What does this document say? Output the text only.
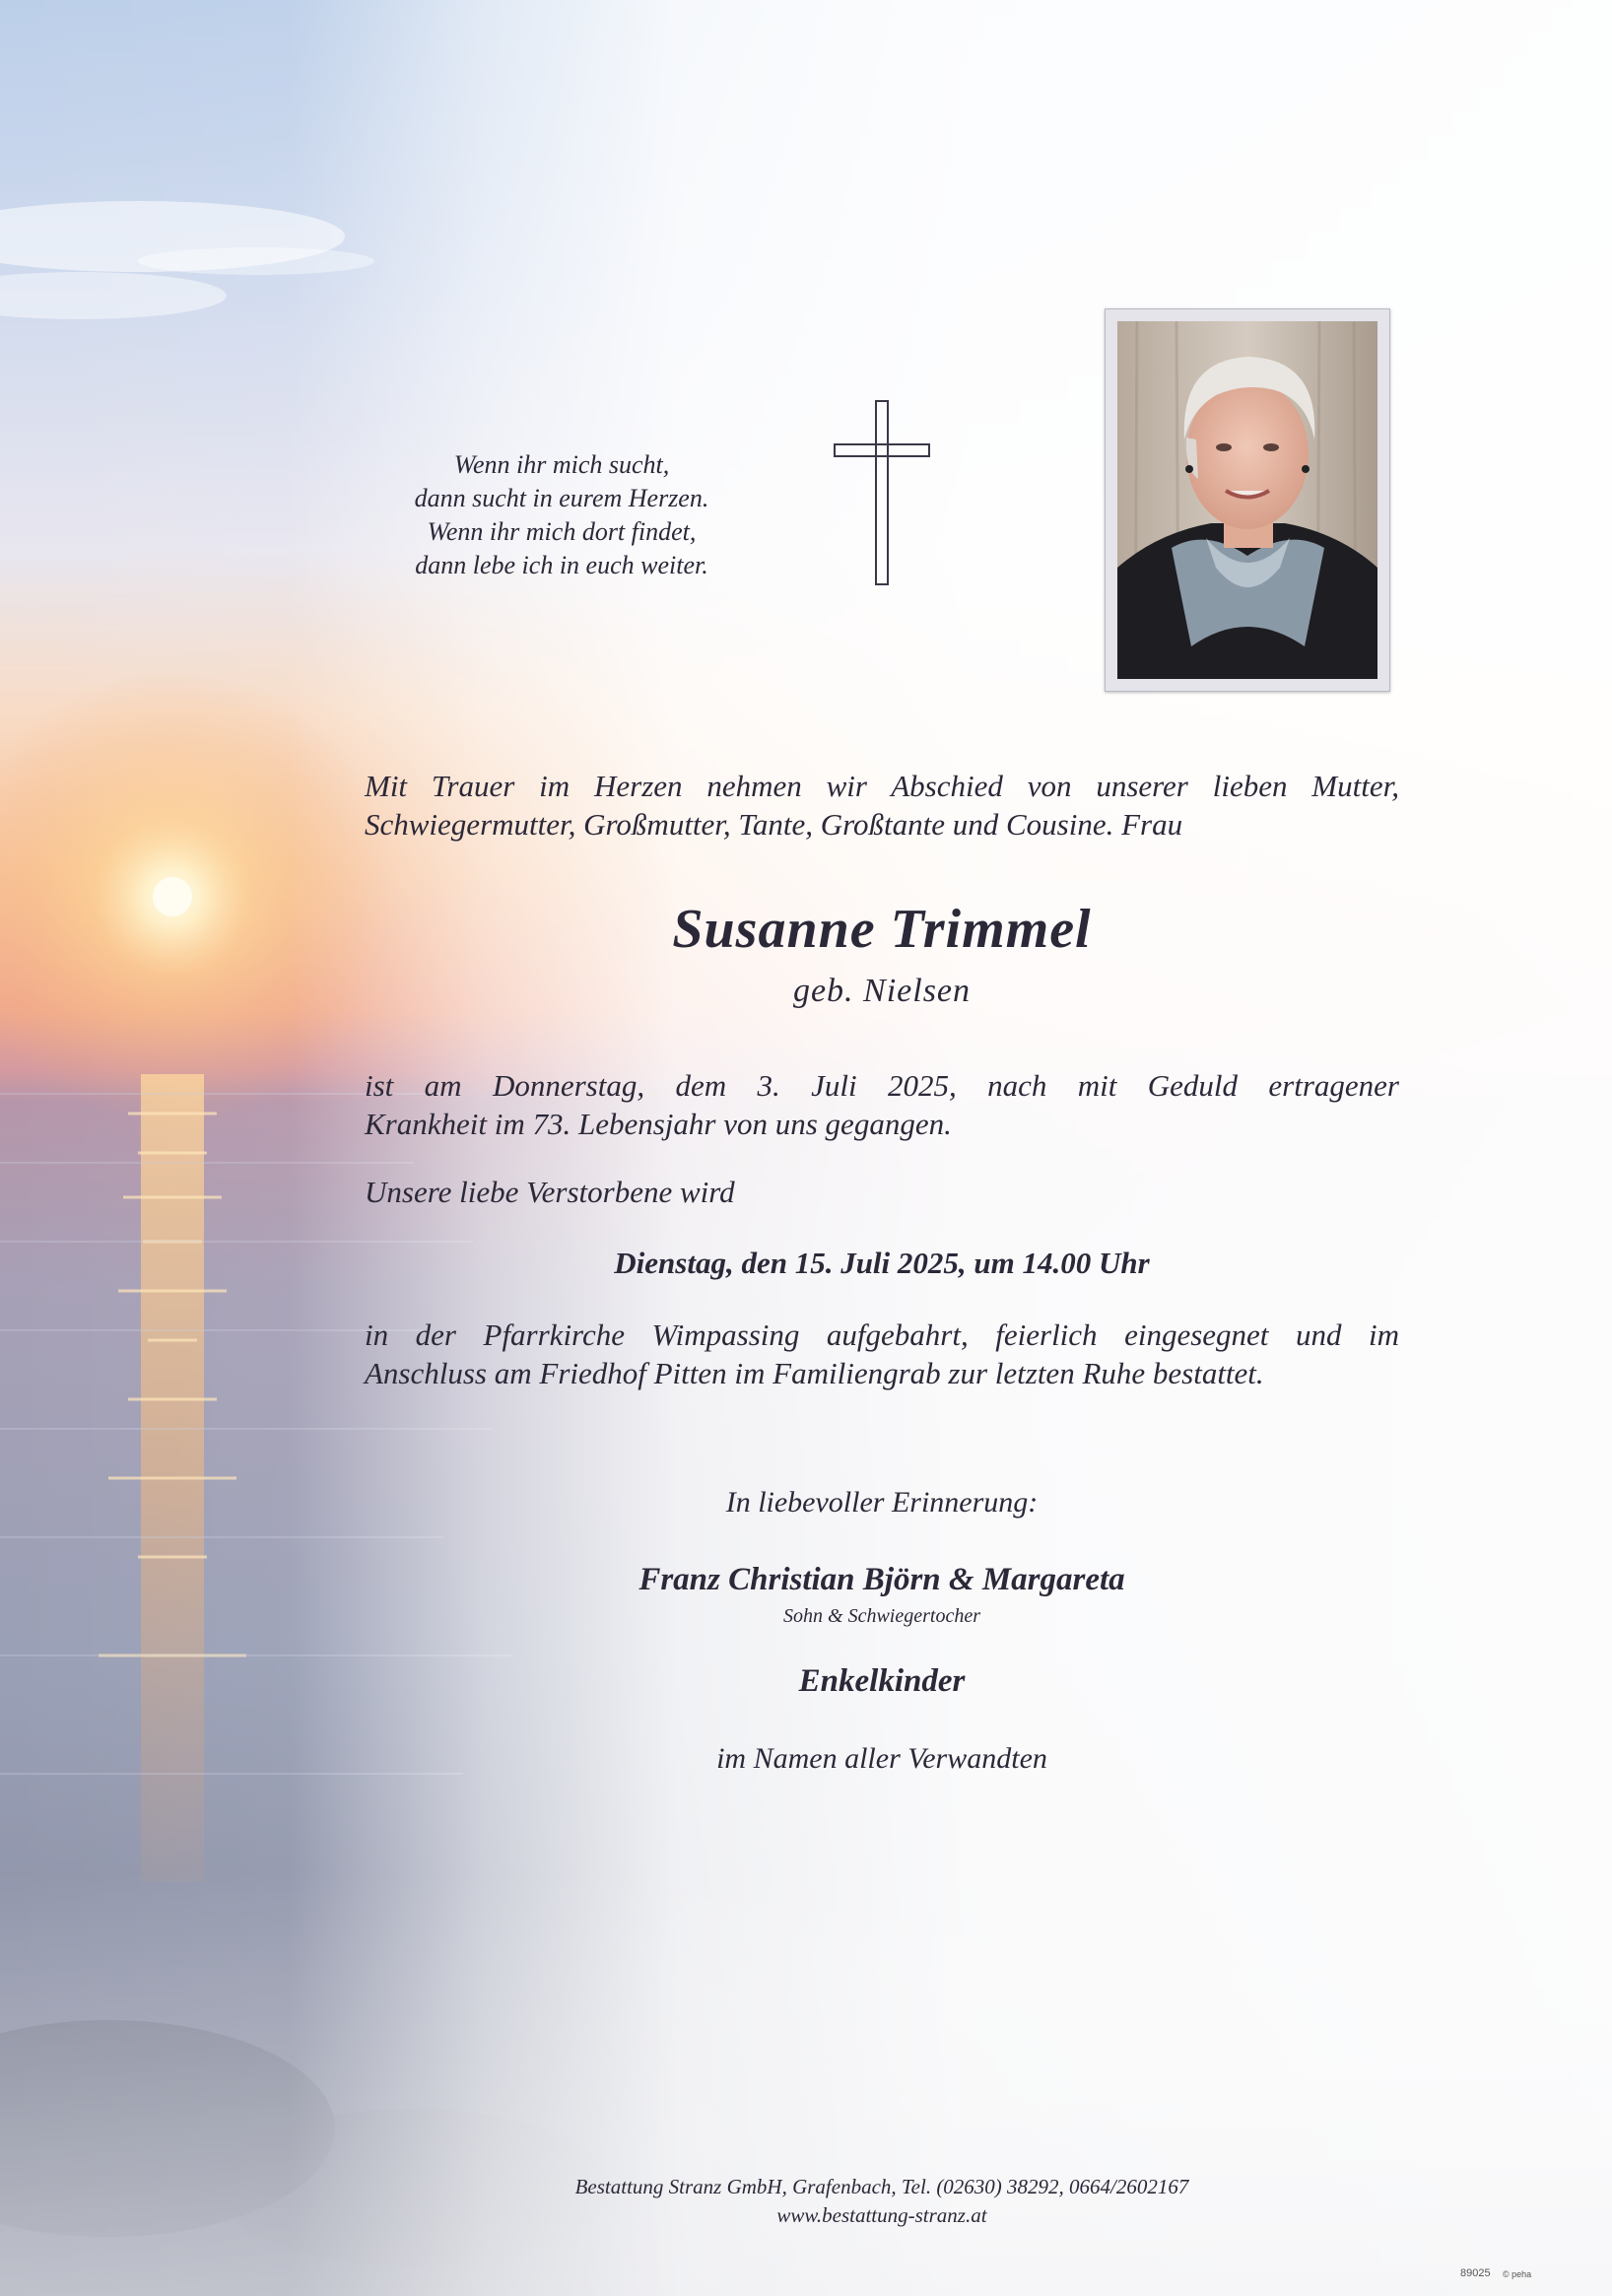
Wenn ihr mich sucht,
dann sucht in eurem Herzen.
Wenn ihr mich dort findet,
dann lebe ich in euch weiter.
Mit Trauer im Herzen nehmen wir Abschied von unserer lieben Mutter,
Schwiegermutter, Großmutter, Tante, Großtante und Cousine. Frau
Susanne Trimmel
geb. Nielsen
ist am Donnerstag, dem 3. Juli 2025, nach mit Geduld ertragener
Krankheit im 73. Lebensjahr von uns gegangen.
Unsere liebe Verstorbene wird
Dienstag, den 15. Juli 2025, um 14.00 Uhr
in der Pfarrkirche Wimpassing aufgebahrt, feierlich eingesegnet und im
Anschluss am Friedhof Pitten im Familiengrab zur letzten Ruhe bestattet.
In liebevoller Erinnerung:
Franz Christian Björn & Margareta
Sohn & Schwiegertocher
Enkelkinder
im Namen aller Verwandten
Bestattung Stranz GmbH, Grafenbach, Tel. (02630) 38292, 0664/2602167
www.bestattung-stranz.at
89025 © peha
